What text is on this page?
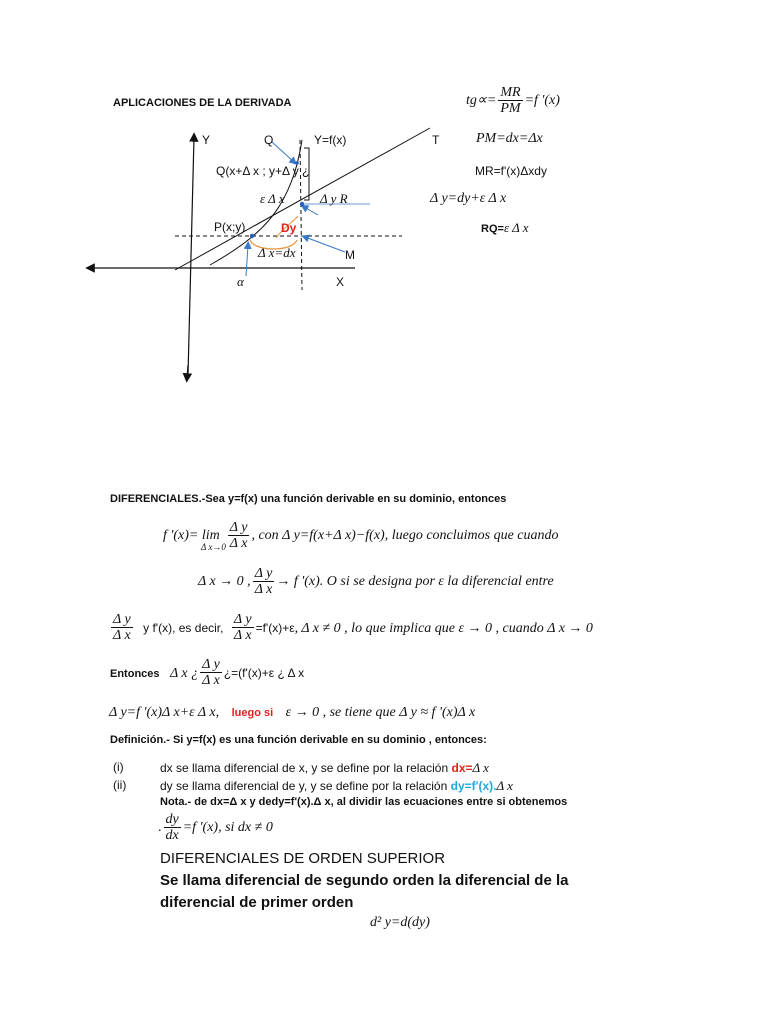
APLICACIONES DE LA DERIVADA	$tg\propto= \frac{MR}{PM} =f$ '(x)
Y	Q	Y=f(x)	T
Q(x+Δ x ; y+Δ y ¿
ε Δ x	Δ y R
P(x;y)	Dy
Δ x=dx	M
α	X
PM=dx=Δx
MR=f'(x)Δxdy
Δ y=dy+ε Δ x
RQ=ε Δ x
DIFERENCIALES.-Sea y=f(x) una función derivable en su dominio, entonces
f '(x)= lim
Δ $x\to 0 \frac{\text{Δ y}}{\text{Δ x}}$ , con Δ y=f(x+Δ x)−f(x), luego concluimos que cuando
Δ x → 0 , $\frac{\text{Δ y}}{\text{Δ x}} \to f$ '(x). O si se designa por ε la diferencial entre
$\frac{\text{Δ y}}{\text{Δ x}}$ y f'(x), es decir, $\frac{\text{Δ y}}{\text{Δ x}} =f'(x)+\varepsilon$, Δ x ≠ 0 , lo que implica que ε → 0 , cuando Δ x → 0
Entonces Δ x ¿ $\frac{\text{Δ y}}{\text{Δ x}}$ ¿=(f'(x)+ε ¿ Δ x
Δ y=f '(x)Δ x+ε Δ x, luego si ε → 0 , se tiene que Δ y ≈ f '(x)Δ x
Definición.- Si y=f(x) es una función derivable en su dominio , entonces:
(i)	dx se llama diferencial de x, y se define por la relación dx=Δ x
(ii)	dy se llama diferencial de y, y se define por la relación dy=f'(x).Δ x
Nota.- de dx=Δ x y dedy=f'(x).Δ x, al dividir las ecuaciones entre si obtenemos
. $\frac{dy}{dx} =f$ '(x), si dx ≠ 0
DIFERENCIALES DE ORDEN SUPERIOR
Se llama diferencial de segundo orden la diferencial de la
diferencial de primer orden
d² y=d(dy)
